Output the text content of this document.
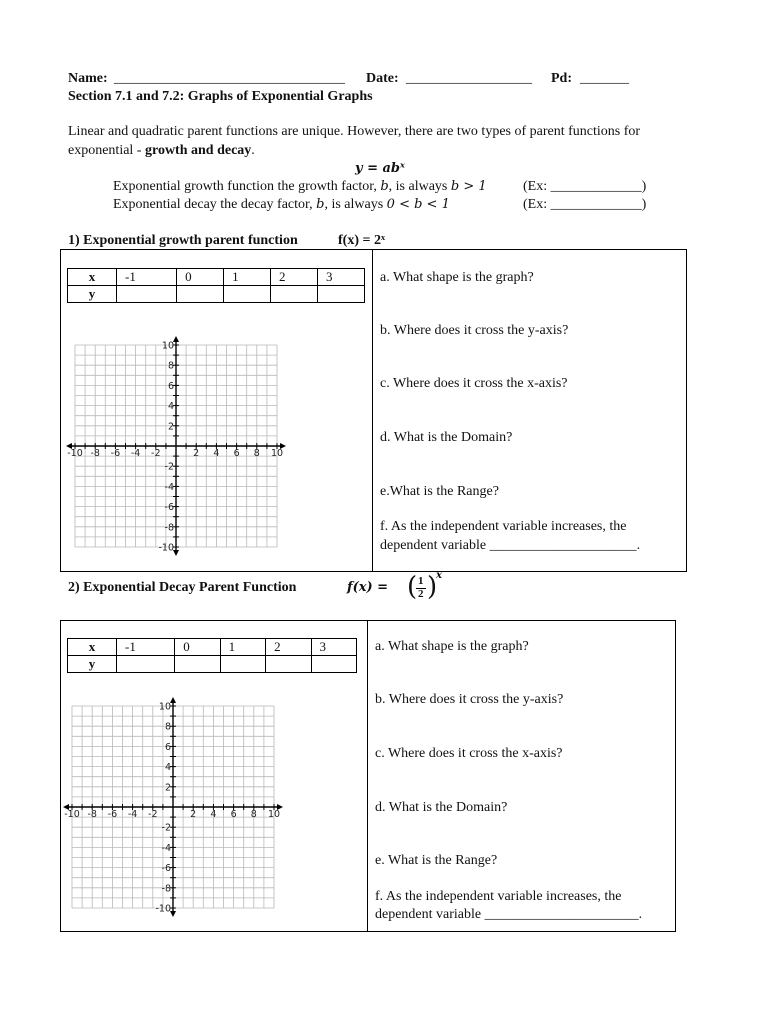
Name: _________________________________ Date: __________________ Pd: _______
Section 7.1 and 7.2: Graphs of Exponential Graphs
Linear and quadratic parent functions are unique. However, there are two types of parent functions for
exponential - growth and decay.
y = abˣ
Exponential growth function the growth factor, b, is always b > 1	(Ex: _____________)
Exponential decay the decay factor, b, is always 0 < b < 1	(Ex: _____________)
1) Exponential growth parent function	f(x) = 2ˣ
x	-1	0	1	2	3
y					
-10 -8 -6 -4 -2	2 4 6 8 10
10
8
6
4
2
-2
-4
-6
-8
-10
a. What shape is the graph?
b. Where does it cross the y-axis?
c. Where does it cross the x-axis?
d. What is the Domain?
e.What is the Range?
f. As the independent variable increases, the
dependent variable _____________________.
2) Exponential Decay Parent Function	f(x) = ( 1
2 )
x
x	-1	0	1	2	3
y					
-10 -8 -6 -4 -2	2 4 6 8 10
10
8
6
4
2
-2
-4
-6
-8
-10
a. What shape is the graph?
b. Where does it cross the y-axis?
c. Where does it cross the x-axis?
d. What is the Domain?
e. What is the Range?
f. As the independent variable increases, the
dependent variable ______________________.
